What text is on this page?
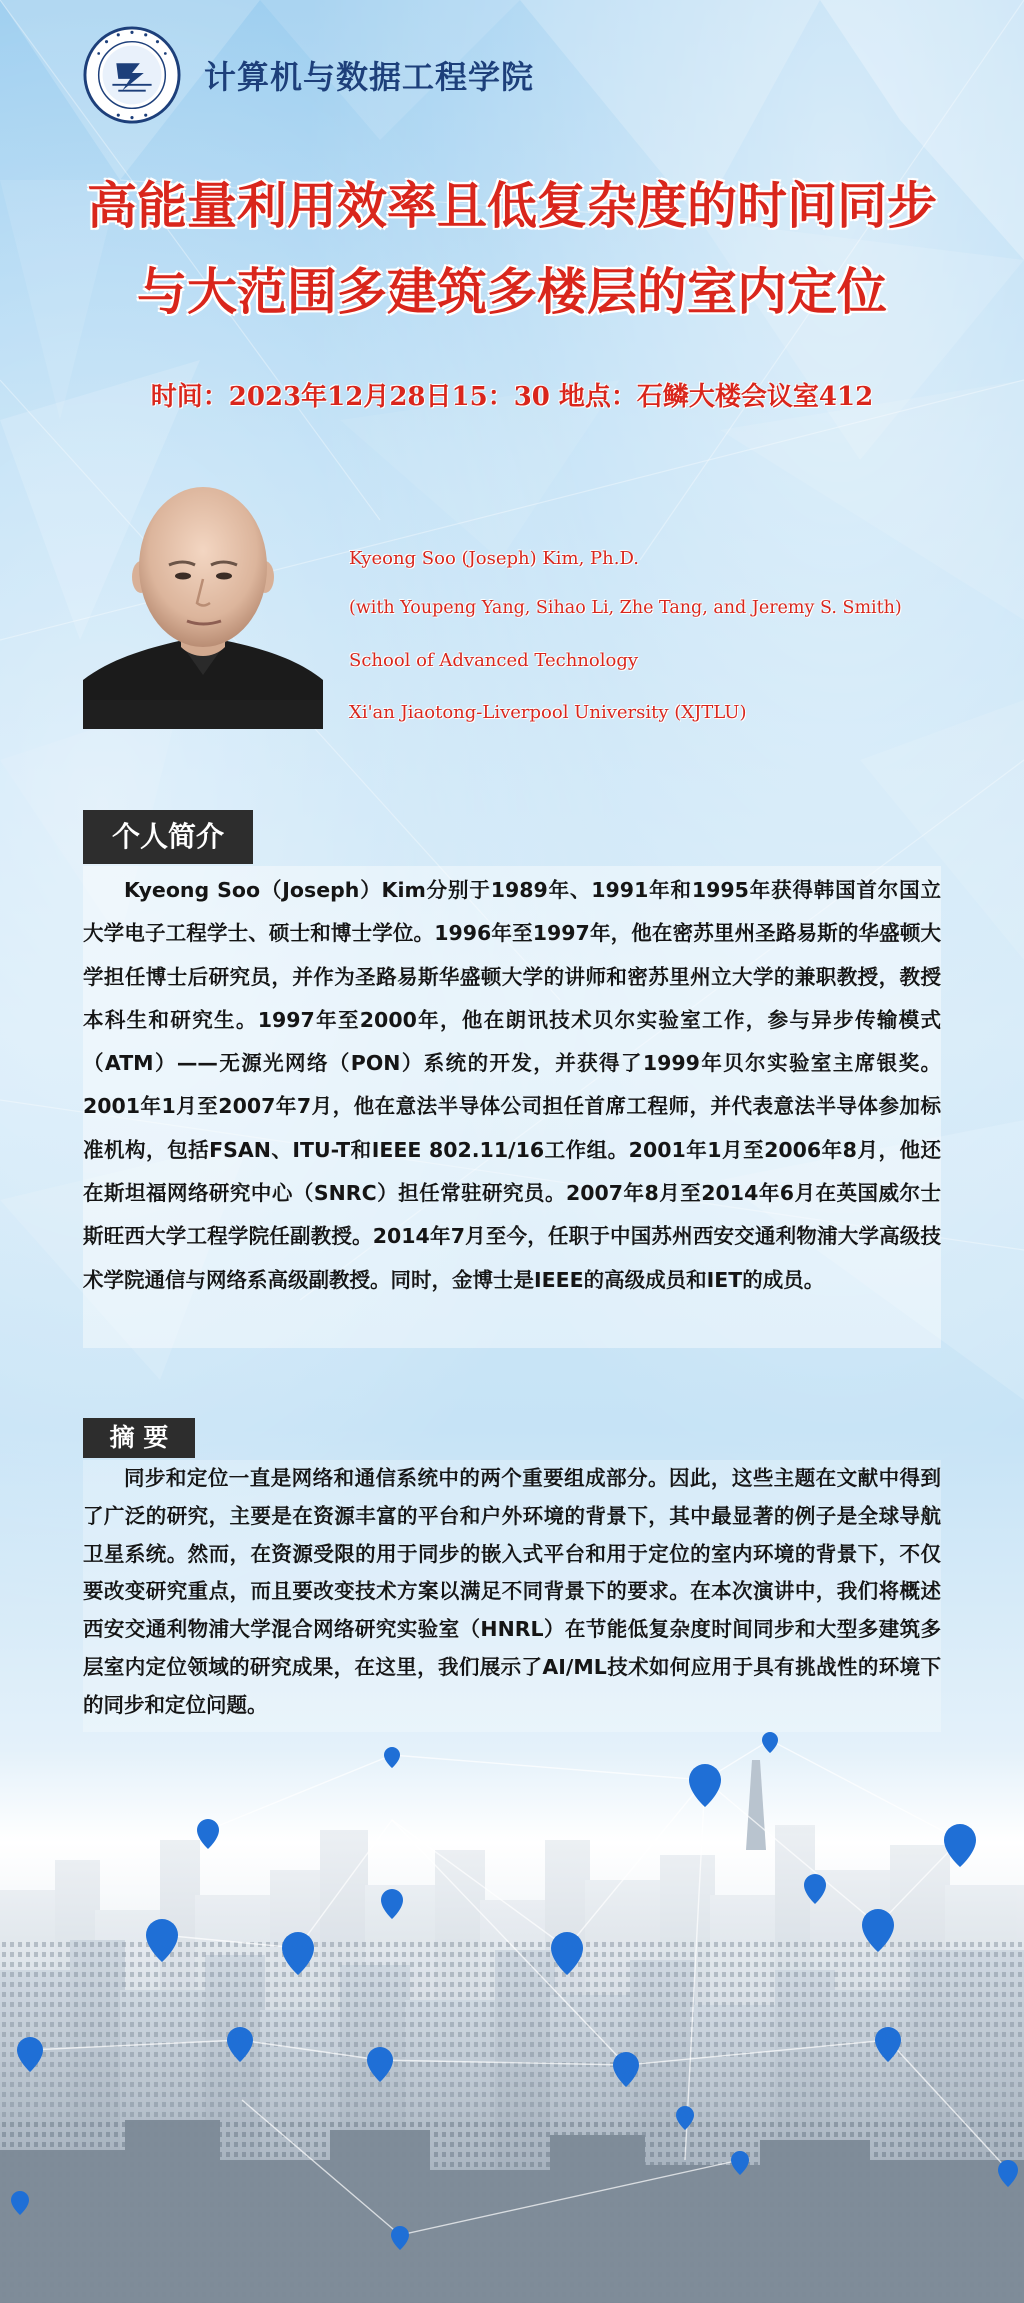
计算机与数据工程学院
高能量利用效率且低复杂度的时间同步
与大范围多建筑多楼层的室内定位
时间：2023年12月28日15：30 地点：石鳞大楼会议室412
Kyeong Soo (Joseph) Kim, Ph.D.
(with Youpeng Yang, Sihao Li, Zhe Tang, and Jeremy S. Smith)
School of Advanced Technology
Xi'an Jiaotong-Liverpool University (XJTLU)
个人简介

Kyeong Soo（Joseph）Kim分别于1989年、1991年和1995年获得韩国首尔国立大学电子工程学士、硕士和博士学位。1996年至1997年，他在密苏里州圣路易斯的华盛顿大学担任博士后研究员，并作为圣路易斯华盛顿大学的讲师和密苏里州立大学的兼职教授，教授本科生和研究生。1997年至2000年，他在朗讯技术贝尔实验室工作，参与异步传输模式（ATM）——无源光网络（PON）系统的开发，并获得了1999年贝尔实验室主席银奖。2001年1月至2007年7月，他在意法半导体公司担任首席工程师，并代表意法半导体参加标准机构，包括FSAN、ITU-T和IEEE 802.11/16工作组。2001年1月至2006年8月，他还在斯坦福网络研究中心（SNRC）担任常驻研究员。2007年8月至2014年6月在英国威尔士斯旺西大学工程学院任副教授。2014年7月至今，任职于中国苏州西安交通利物浦大学高级技术学院通信与网络系高级副教授。同时，金博士是IEEE的高级成员和IET的成员。

摘 要

同步和定位一直是网络和通信系统中的两个重要组成部分。因此，这些主题在文献中得到了广泛的研究，主要是在资源丰富的平台和户外环境的背景下，其中最显著的例子是全球导航卫星系统。然而，在资源受限的用于同步的嵌入式平台和用于定位的室内环境的背景下，不仅要改变研究重点，而且要改变技术方案以满足不同背景下的要求。在本次演讲中，我们将概述西安交通利物浦大学混合网络研究实验室（HNRL）在节能低复杂度时间同步和大型多建筑多层室内定位领域的研究成果，在这里，我们展示了AI/ML技术如何应用于具有挑战性的环境下的同步和定位问题。
